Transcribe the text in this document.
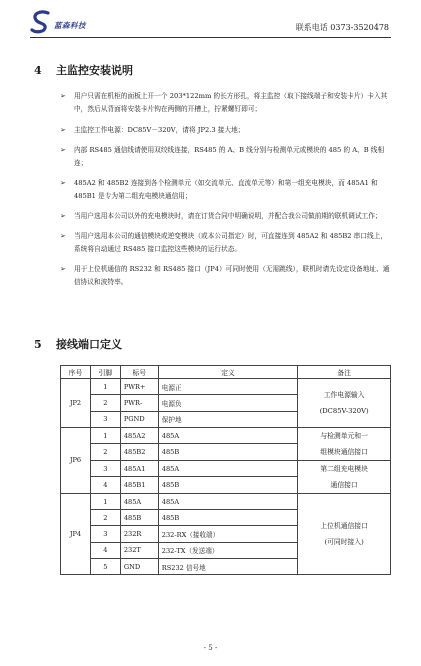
蓝森科技	联系电话 0373-3520478
4 主监控安装说明
➢ 用户只需在机柜的面板上开一个 203*122mm 的长方形孔，将主监控（取下接线端子和安装卡片）卡入其中，然后从背面将安装卡片钩在两侧的开槽上，拧紧螺钉即可；
➢ 主监控工作电源：DC85V－320V，请将 JP2.3 接大地；
➢ 内部 RS485 通信线请使用双绞线连接，RS485 的 A、B 线分别与检测单元或模块的 485 的 A、B 线相连；
➢ 485A2 和 485B2 连接到各个检测单元（如交流单元、直流单元等）和第一组充电模块，而 485A1 和 485B1 是专为第二组充电模块通信用；
➢ 当用户选用本公司以外的充电模块时，请在订货合同中明确说明，并配合我公司做前期的联机调试工作；
➢ 当用户选用本公司的通信模块或逆变模块（或本公司指定）时，可直接连到 485A2 和 485B2 串口线上，系统将自动通过 RS485 接口监控这些模块的运行状态。
➢ 用于上位机通信的 RS232 和 RS485 接口（JP4）可同时使用（无需跳线），联机时请先设定设备地址、通信协议和波特率。
5 接线端口定义
序号	引脚	标号	定义	备注
JP2	1	PWR+	电源正	工作电源输入
(DC85V-320V)

	2	PWR-	电源负	
	3	PGND	保护地	
JP6	1	485A2	485A	与检测单元和一
组模块通信接口

	2	485B2	485B	
	3	485A1	485A	第二组充电模块
通信接口

	4	485B1	485B	
JP4	1	485A	485A	上位机通信接口
(可同时接入)

	2	485B	485B	
	3	232R	232-RX（接收端）	
	4	232T	232-TX（发送端）	
	5	GND	RS232 信号地	
- 5 -
